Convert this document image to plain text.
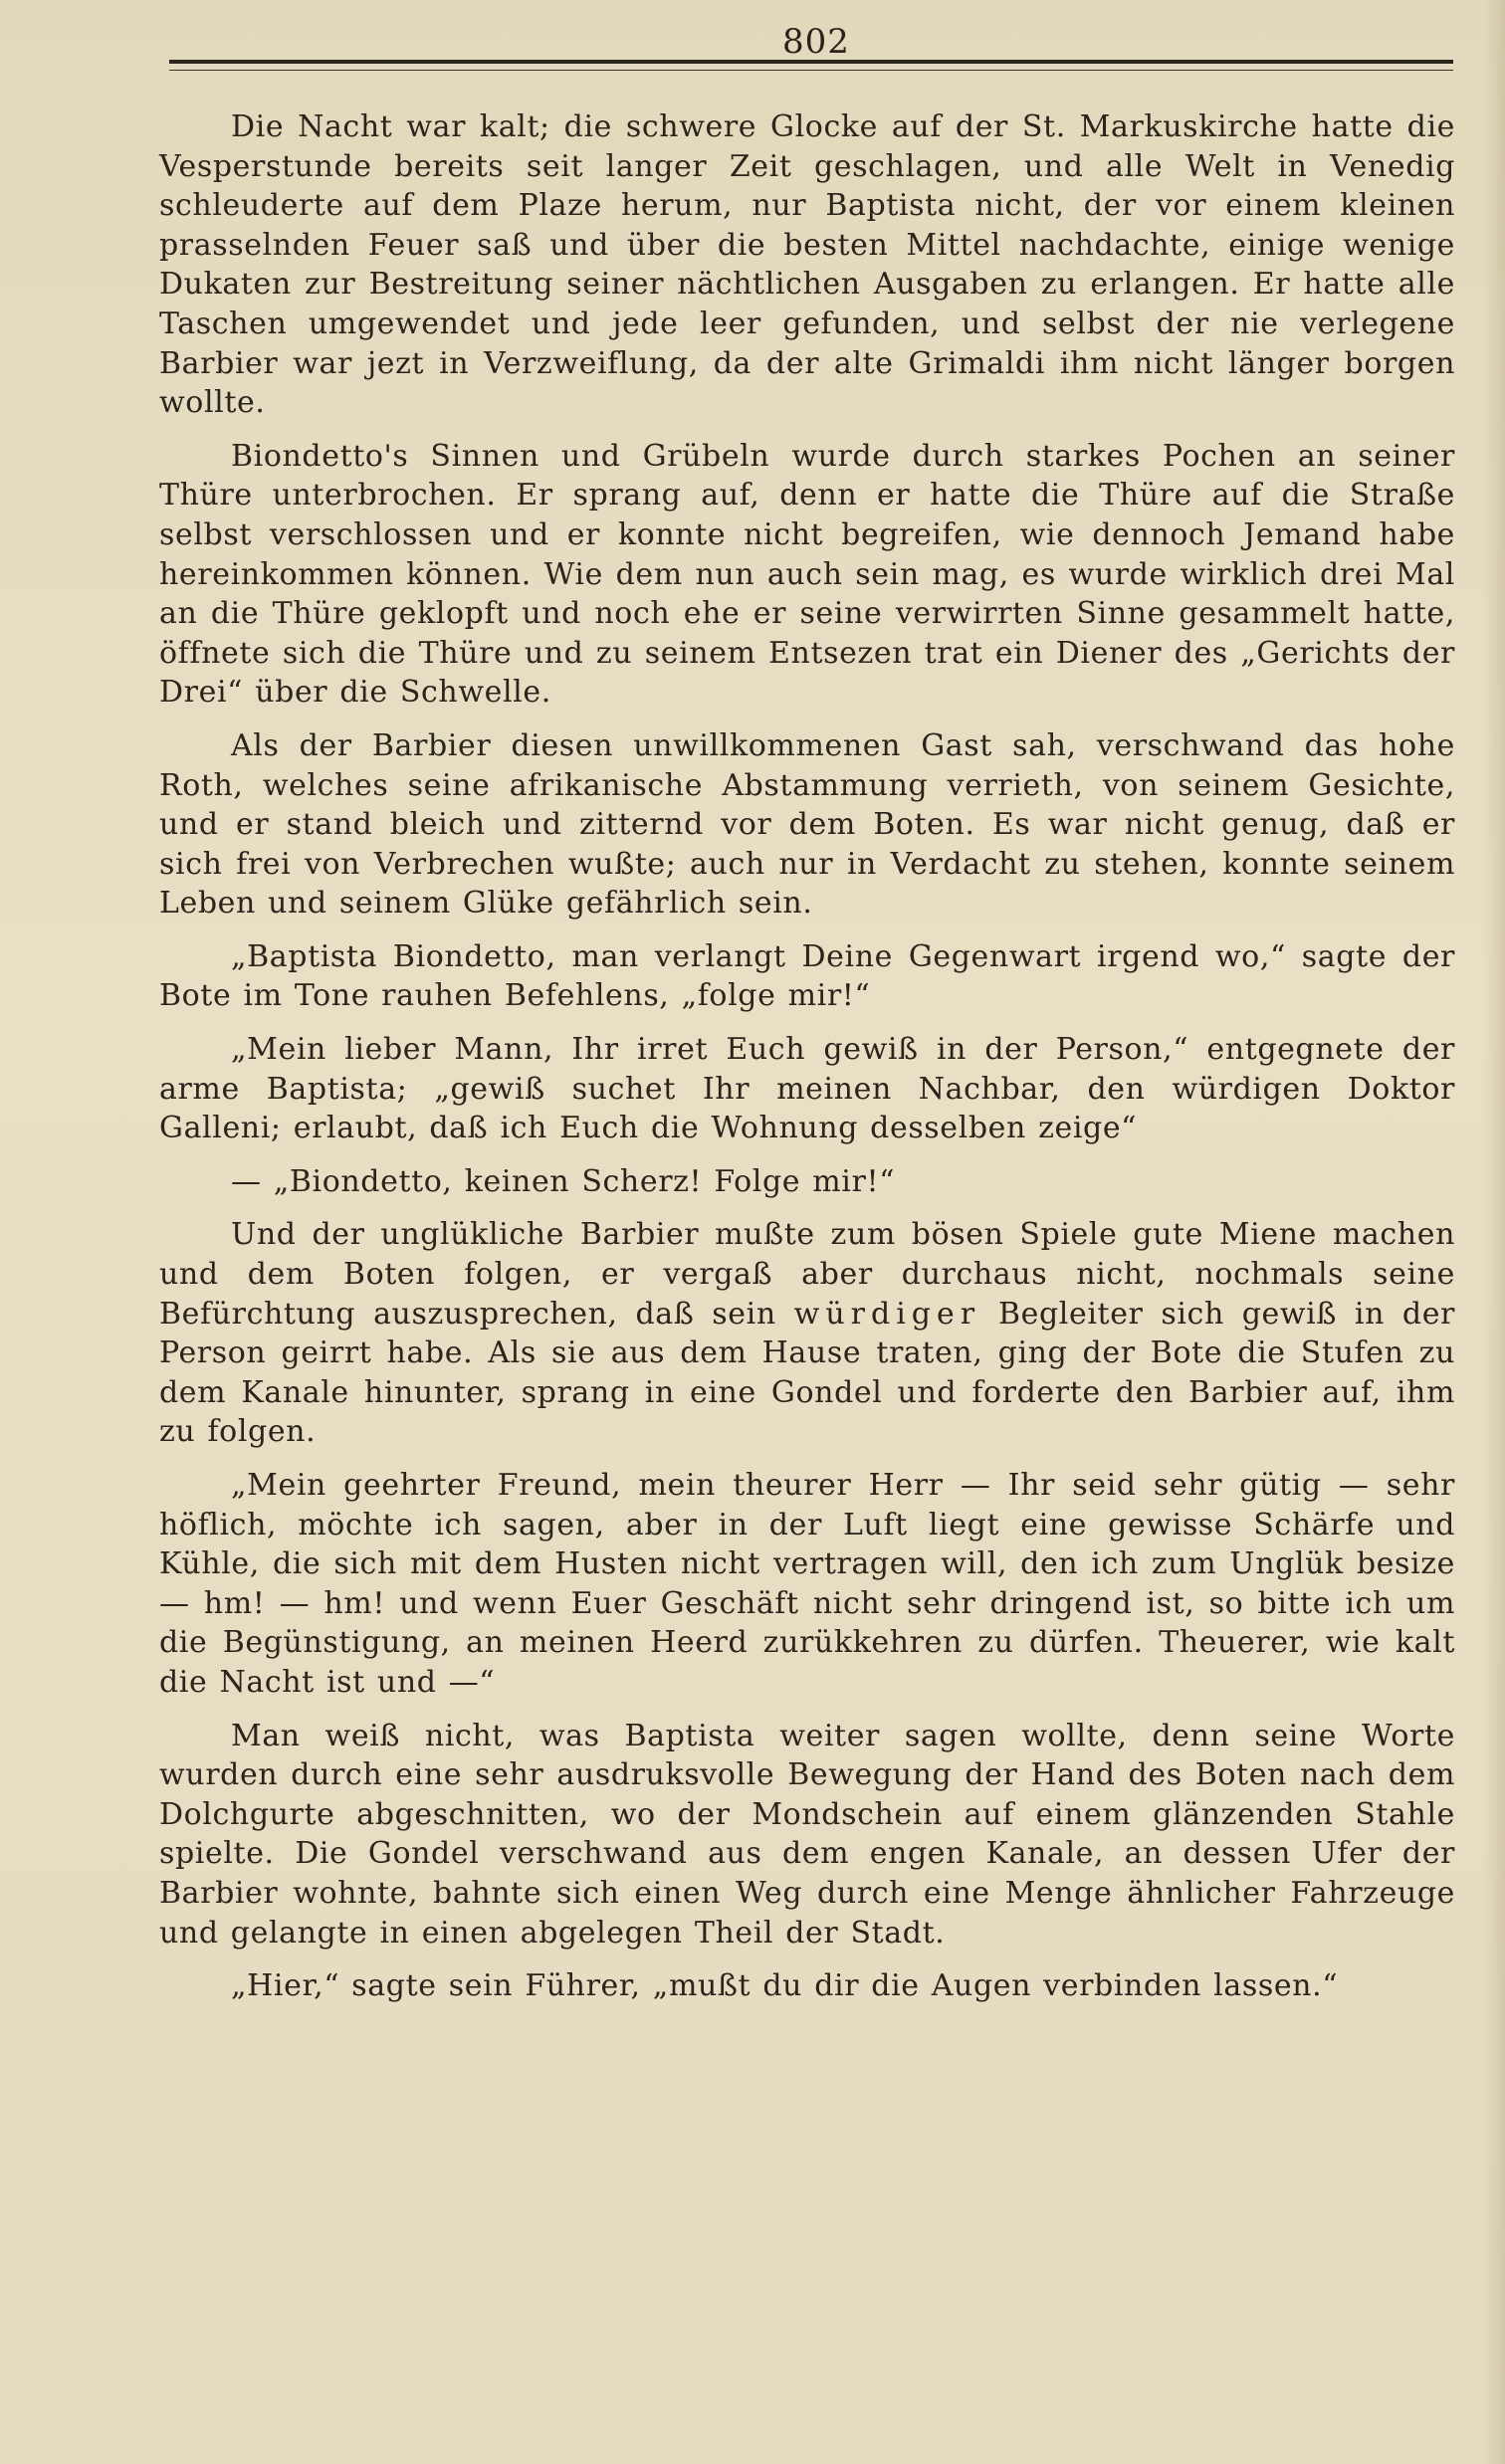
802

Die Nacht war kalt; die schwere Glocke auf der St. Markuskirche hatte die Vesperstunde bereits seit langer Zeit geschlagen, und alle Welt in Venedig schleuderte auf dem Plaze herum, nur Baptista nicht, der vor einem kleinen prasselnden Feuer saß und über die besten Mittel nachdachte, einige wenige Dukaten zur Bestreitung seiner nächtlichen Ausgaben zu erlangen. Er hatte alle Taschen umgewendet und jede leer gefunden, und selbst der nie verlegene Barbier war jezt in Verzweiflung, da der alte Grimaldi ihm nicht länger borgen wollte.

Biondetto's Sinnen und Grübeln wurde durch starkes Pochen an seiner Thüre unterbrochen. Er sprang auf, denn er hatte die Thüre auf die Straße selbst verschlossen und er konnte nicht begreifen, wie dennoch Jemand habe hereinkommen können. Wie dem nun auch sein mag, es wurde wirklich drei Mal an die Thüre geklopft und noch ehe er seine verwirrten Sinne gesammelt hatte, öffnete sich die Thüre und zu seinem Entsezen trat ein Diener des „Gerichts der Drei“ über die Schwelle.

Als der Barbier diesen unwillkommenen Gast sah, verschwand das hohe Roth, welches seine afrikanische Abstammung verrieth, von seinem Gesichte, und er stand bleich und zitternd vor dem Boten. Es war nicht genug, daß er sich frei von Verbrechen wußte; auch nur in Verdacht zu stehen, konnte seinem Leben und seinem Glüke gefährlich sein.

„Baptista Biondetto, man verlangt Deine Gegenwart irgend wo,“ sagte der Bote im Tone rauhen Befehlens, „folge mir!“

„Mein lieber Mann, Ihr irret Euch gewiß in der Person,“ entgegnete der arme Baptista; „gewiß suchet Ihr meinen Nachbar, den würdigen Doktor Galleni; erlaubt, daß ich Euch die Wohnung desselben zeige“

— „Biondetto, keinen Scherz! Folge mir!“

Und der unglükliche Barbier mußte zum bösen Spiele gute Miene machen und dem Boten folgen, er vergaß aber durchaus nicht, nochmals seine Befürchtung auszusprechen, daß sein würdiger Begleiter sich gewiß in der Person geirrt habe. Als sie aus dem Hause traten, ging der Bote die Stufen zu dem Kanale hinunter, sprang in eine Gondel und forderte den Barbier auf, ihm zu folgen.

„Mein geehrter Freund, mein theurer Herr — Ihr seid sehr gütig — sehr höflich, möchte ich sagen, aber in der Luft liegt eine gewisse Schärfe und Kühle, die sich mit dem Husten nicht vertragen will, den ich zum Unglük besize — hm! — hm! und wenn Euer Geschäft nicht sehr dringend ist, so bitte ich um die Begünstigung, an meinen Heerd zurükkehren zu dürfen. Theuerer, wie kalt die Nacht ist und —“

Man weiß nicht, was Baptista weiter sagen wollte, denn seine Worte wurden durch eine sehr ausdruksvolle Bewegung der Hand des Boten nach dem Dolchgurte abgeschnitten, wo der Mondschein auf einem glänzenden Stahle spielte. Die Gondel verschwand aus dem engen Kanale, an dessen Ufer der Barbier wohnte, bahnte sich einen Weg durch eine Menge ähnlicher Fahrzeuge und gelangte in einen abgelegen Theil der Stadt.

„Hier,“ sagte sein Führer, „mußt du dir die Augen verbinden lassen.“
